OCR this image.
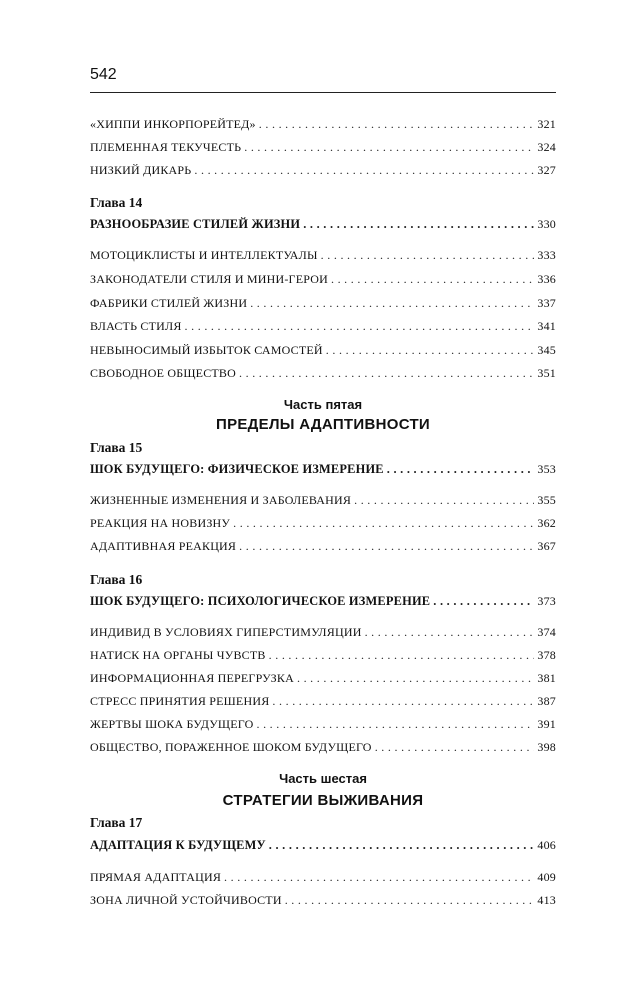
542
«ХИППИ ИНКОРПОРЕЙТЕД» .....	321
ПЛЕМЕННАЯ ТЕКУЧЕСТЬ .....	324
НИЗКИЙ ДИКАРЬ .....	327
Глава 14
РАЗНООБРАЗИЕ СТИЛЕЙ ЖИЗНИ .....	330
МОТОЦИКЛИСТЫ И ИНТЕЛЛЕКТУАЛЫ .....	333
ЗАКОНОДАТЕЛИ СТИЛЯ И МИНИ-ГЕРОИ .....	336
ФАБРИКИ СТИЛЕЙ ЖИЗНИ .....	337
ВЛАСТЬ СТИЛЯ .....	341
НЕВЫНОСИМЫЙ ИЗБЫТОК САМОСТЕЙ .....	345
СВОБОДНОЕ ОБЩЕСТВО .....	351
Часть пятая
ПРЕДЕЛЫ АДАПТИВНОСТИ
Глава 15
ШОК БУДУЩЕГО: ФИЗИЧЕСКОЕ ИЗМЕРЕНИЕ .....	353
ЖИЗНЕННЫЕ ИЗМЕНЕНИЯ И ЗАБОЛЕВАНИЯ .....	355
РЕАКЦИЯ НА НОВИЗНУ .....	362
АДАПТИВНАЯ РЕАКЦИЯ .....	367
Глава 16
ШОК БУДУЩЕГО: ПСИХОЛОГИЧЕСКОЕ ИЗМЕРЕНИЕ .....	373
ИНДИВИД В УСЛОВИЯХ ГИПЕРСТИМУЛЯЦИИ .....	374
НАТИСК НА ОРГАНЫ ЧУВСТВ .....	378
ИНФОРМАЦИОННАЯ ПЕРЕГРУЗКА .....	381
СТРЕСС ПРИНЯТИЯ РЕШЕНИЯ .....	387
ЖЕРТВЫ ШОКА БУДУЩЕГО .....	391
ОБЩЕСТВО, ПОРАЖЕННОЕ ШОКОМ БУДУЩЕГО .....	398
Часть шестая
СТРАТЕГИИ ВЫЖИВАНИЯ
Глава 17
АДАПТАЦИЯ К БУДУЩЕМУ .....	406
ПРЯМАЯ АДАПТАЦИЯ .....	409
ЗОНА ЛИЧНОЙ УСТОЙЧИВОСТИ .....	413
